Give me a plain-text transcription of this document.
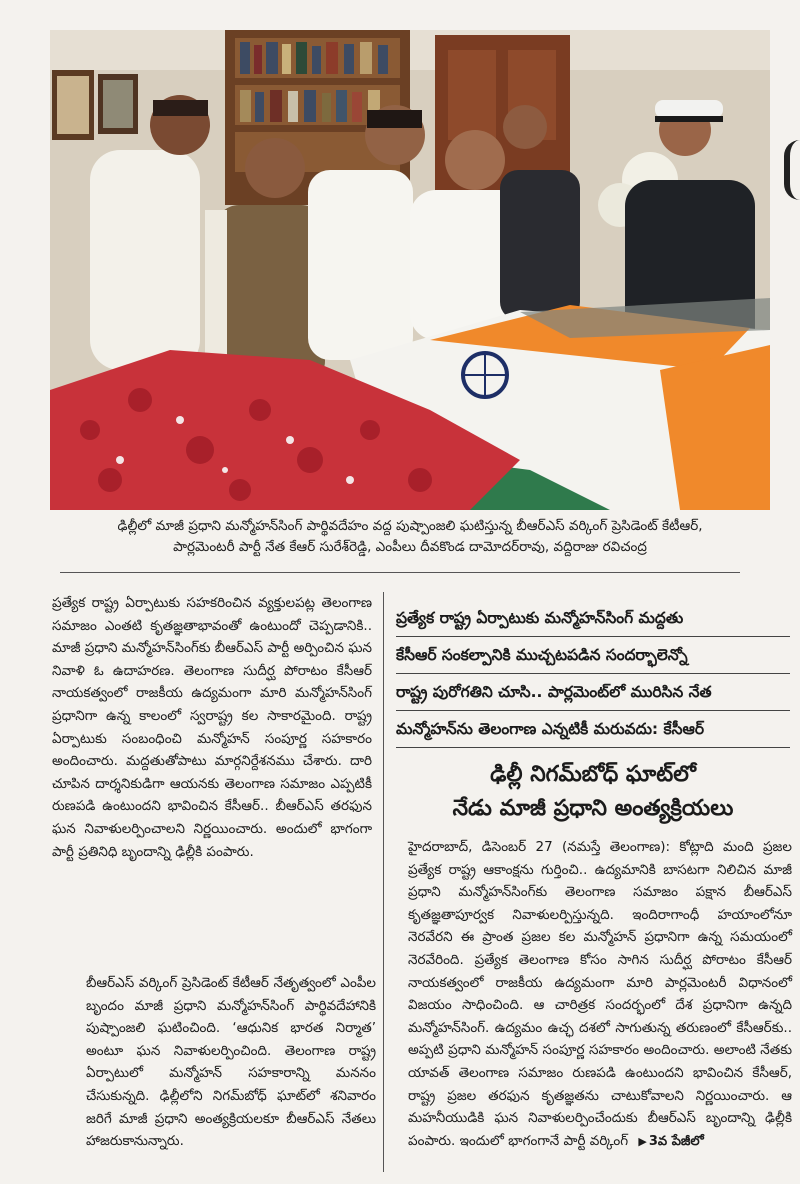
ఢిల్లీలో మాజీ ప్రధాని మన్మోహన్‌సింగ్ పార్థివదేహం వద్ద పుష్పాంజలి ఘటిస్తున్న బీఆర్ఎస్ వర్కింగ్ ప్రెసిడెంట్ కేటీఆర్,
పార్లమెంటరీ పార్టీ నేత కేఆర్ సురేశ్‌రెడ్డి, ఎంపీలు దీవకొండ దామోదర్‌రావు, వద్దిరాజు రవిచంద్ర

ప్రత్యేక రాష్ట్ర ఏర్పాటుకు సహకరించిన వ్యక్తులపట్ల తెలంగాణ సమాజం ఎంతటి కృతజ్ఞతాభావంతో ఉంటుందో చెప్పడానికి.. మాజీ ప్రధాని మన్మోహన్‌సింగ్‌కు బీఆర్ఎస్ పార్టీ అర్పించిన ఘన నివాళి ఓ ఉదాహరణ. తెలంగాణ సుదీర్ఘ పోరాటం కేసీఆర్ నాయకత్వంలో రాజకీయ ఉద్యమంగా మారి మన్మోహన్‌సింగ్ ప్రధానిగా ఉన్న కాలంలో స్వరాష్ట్ర కల సాకారమైంది. రాష్ట్ర ఏర్పాటుకు సంబంధించి మన్మోహన్ సంపూర్ణ సహకారం అందించారు. మద్దతుతోపాటు మార్గనిర్దేశనము చేశారు. దారి చూపిన దార్శనికుడిగా ఆయనకు తెలంగాణ సమాజం ఎప్పటికీ రుణపడి ఉంటుందని భావించిన కేసీఆర్.. బీఆర్ఎస్ తరఫున ఘన నివాళులర్పించాలని నిర్ణయించారు. అందులో భాగంగా పార్టీ ప్రతినిధి బృందాన్ని ఢిల్లీకి పంపారు.

బీఆర్ఎస్ వర్కింగ్ ప్రెసిడెంట్ కేటీఆర్ నేతృత్వంలో ఎంపీల బృందం మాజీ ప్రధాని మన్మోహన్‌సింగ్ పార్థివదేహానికి పుష్పాంజలి ఘటించింది. ‘ఆధునిక భారత నిర్మాత’ అంటూ ఘన నివాళులర్పించింది. తెలంగాణ రాష్ట్ర ఏర్పాటులో మన్మోహన్ సహకారాన్ని మననం చేసుకున్నది. ఢిల్లీలోని నిగమ్‌బోధ్ ఘాట్‌లో శనివారం జరిగే మాజీ ప్రధాని అంత్యక్రియలకూ బీఆర్ఎస్ నేతలు హాజరుకానున్నారు.
ప్రత్యేక రాష్ట్ర ఏర్పాటుకు మన్మోహన్‌సింగ్ మద్దతు
కేసీఆర్ సంకల్పానికి ముచ్చటపడిన సందర్భాలెన్నో
రాష్ట్ర పురోగతిని చూసి.. పార్లమెంట్‌లో మురిసిన నేత
మన్మోహన్‌ను తెలంగాణ ఎన్నటికీ మరువదు: కేసీఆర్
ఢిల్లీ నిగమ్‌బోధ్ ఘాట్‌లో
నేడు మాజీ ప్రధాని అంత్యక్రియలు
హైదరాబాద్, డిసెంబర్ 27 (నమస్తే తెలంగాణ): కోట్లాది మంది ప్రజల ప్రత్యేక రాష్ట్ర ఆకాంక్షను గుర్తించి.. ఉద్యమానికి బాసటగా నిలిచిన మాజీ ప్రధాని మన్మోహన్‌సింగ్‌కు తెలంగాణ సమాజం పక్షాన బీఆర్ఎస్ కృతజ్ఞతాపూర్వక నివాళులర్పిస్తున్నది. ఇందిరాగాంధీ హయాంలోనూ నెరవేరని ఈ ప్రాంత ప్రజల కల మన్మోహన్ ప్రధానిగా ఉన్న సమయంలో నెరవేరింది. ప్రత్యేక తెలంగాణ కోసం సాగిన సుదీర్ఘ పోరాటం కేసీఆర్ నాయకత్వంలో రాజకీయ ఉద్యమంగా మారి పార్లమెంటరీ విధానంలో విజయం సాధించింది. ఆ చారిత్రక సందర్భంలో దేశ ప్రధానిగా ఉన్నది మన్మోహన్‌సింగ్. ఉద్యమం ఉచ్ఛ దశలో సాగుతున్న తరుణంలో కేసీఆర్‌కు.. అప్పటి ప్రధాని మన్మోహన్ సంపూర్ణ సహకారం అందించారు. అలాంటి నేతకు యావత్ తెలంగాణ సమాజం రుణపడి ఉంటుందని భావించిన కేసీఆర్, రాష్ట్ర ప్రజల తరఫున కృతజ్ఞతను చాటుకోవాలని నిర్ణయించారు. ఆ మహనీయుడికి ఘన నివాళులర్పించేందుకు బీఆర్ఎస్ బృందాన్ని ఢిల్లీకి పంపారు. ఇందులో భాగంగానే పార్టీ వర్కింగ్ ▶ 3వ పేజీలో
